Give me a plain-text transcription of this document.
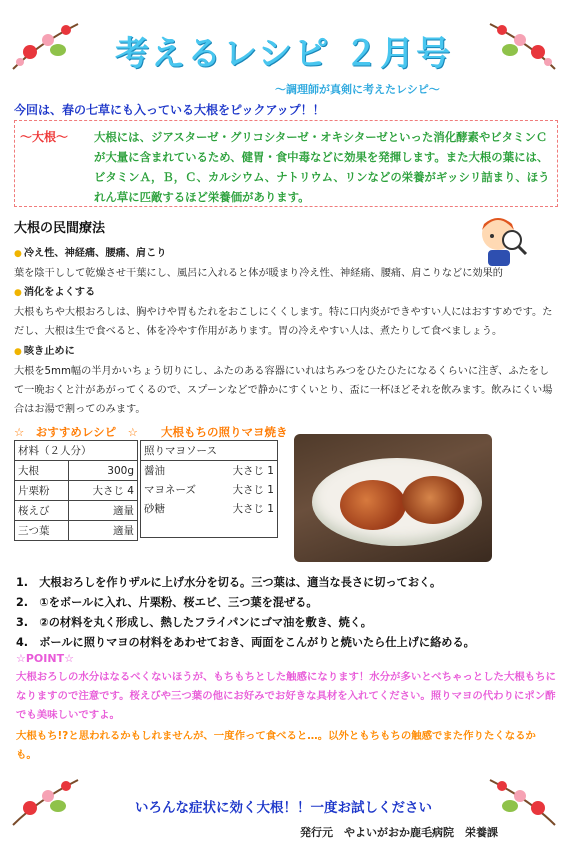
考えるレシピ ２月号
～調理師が真剣に考えたレシピ～
今回は、春の七草にも入っている大根をピックアップ！！
～大根～ 大根には、ジアスターゼ・グリコシターゼ・オキシターゼといった消化酵素やビタミンＣが大量に含まれているため、健胃・食中毒などに効果を発揮します。また大根の葉には、ビタミンＡ，Ｂ，Ｃ、カルシウム、ナトリウム、リンなどの栄養がギッシリ詰まり、ほうれん草に匹敵するほど栄養価があります。
大根の民間療法
● 冷え性、神経痛、腰痛、肩こり
葉を陰干しして乾燥させ干葉にし、風呂に入れると体が暖まり冷え性、神経痛、腰痛、肩こりなどに効果的
● 消化をよくする
大根もちや大根おろしは、胸やけや胃もたれをおこしにくくします。特に口内炎ができやすい人にはおすすめです。ただし、大根は生で食べると、体を冷やす作用があります。胃の冷えやすい人は、煮たりして食べましょう。
● 咳き止めに
大根を5mm幅の半月かいちょう切りにし、ふたのある容器にいれはちみつをひたひたになるくらいに注ぎ、ふたをして一晩おくと汁があがってくるので、スプーンなどで静かにすくいとり、盃に一杯ほどそれを飲みます。飲みにくい場合はお湯で割ってのみます。
☆　おすすめレシピ　☆　　大根もちの照りマヨ焼き
材料（２人分）	
大根	300g
片栗粉	大さじ 4
桜えび	適量
三つ葉	適量
照りマヨソース	
醤油	大さじ 1
マヨネーズ	大さじ 1
砂糖	大さじ 1

1.　大根おろしを作りザルに上げ水分を切る。三つ葉は、適当な長さに切っておく。
2.　①をボールに入れ、片栗粉、桜エビ、三つ葉を混ぜる。
3.　②の材料を丸く形成し、熱したフライパンにゴマ油を敷き、焼く。
4.　ボールに照りマヨの材料をあわせておき、両面をこんがりと焼いたら仕上げに絡める。
☆POINT☆
大根おろしの水分はなるべくないほうが、もちもちとした触感になります！水分が多いとべちゃっとした大根もちになりますので注意です。桜えびや三つ葉の他にお好みでお好きな具材を入れてください。照りマヨの代わりにポン酢でも美味しいですよ。
大根もち!?と思われるかもしれませんが、一度作って食べると…。以外ともちもちの触感でまた作りたくなるかも。
いろんな症状に効く大根！！一度お試しください
発行元　やよいがおか鹿毛病院　栄養課
